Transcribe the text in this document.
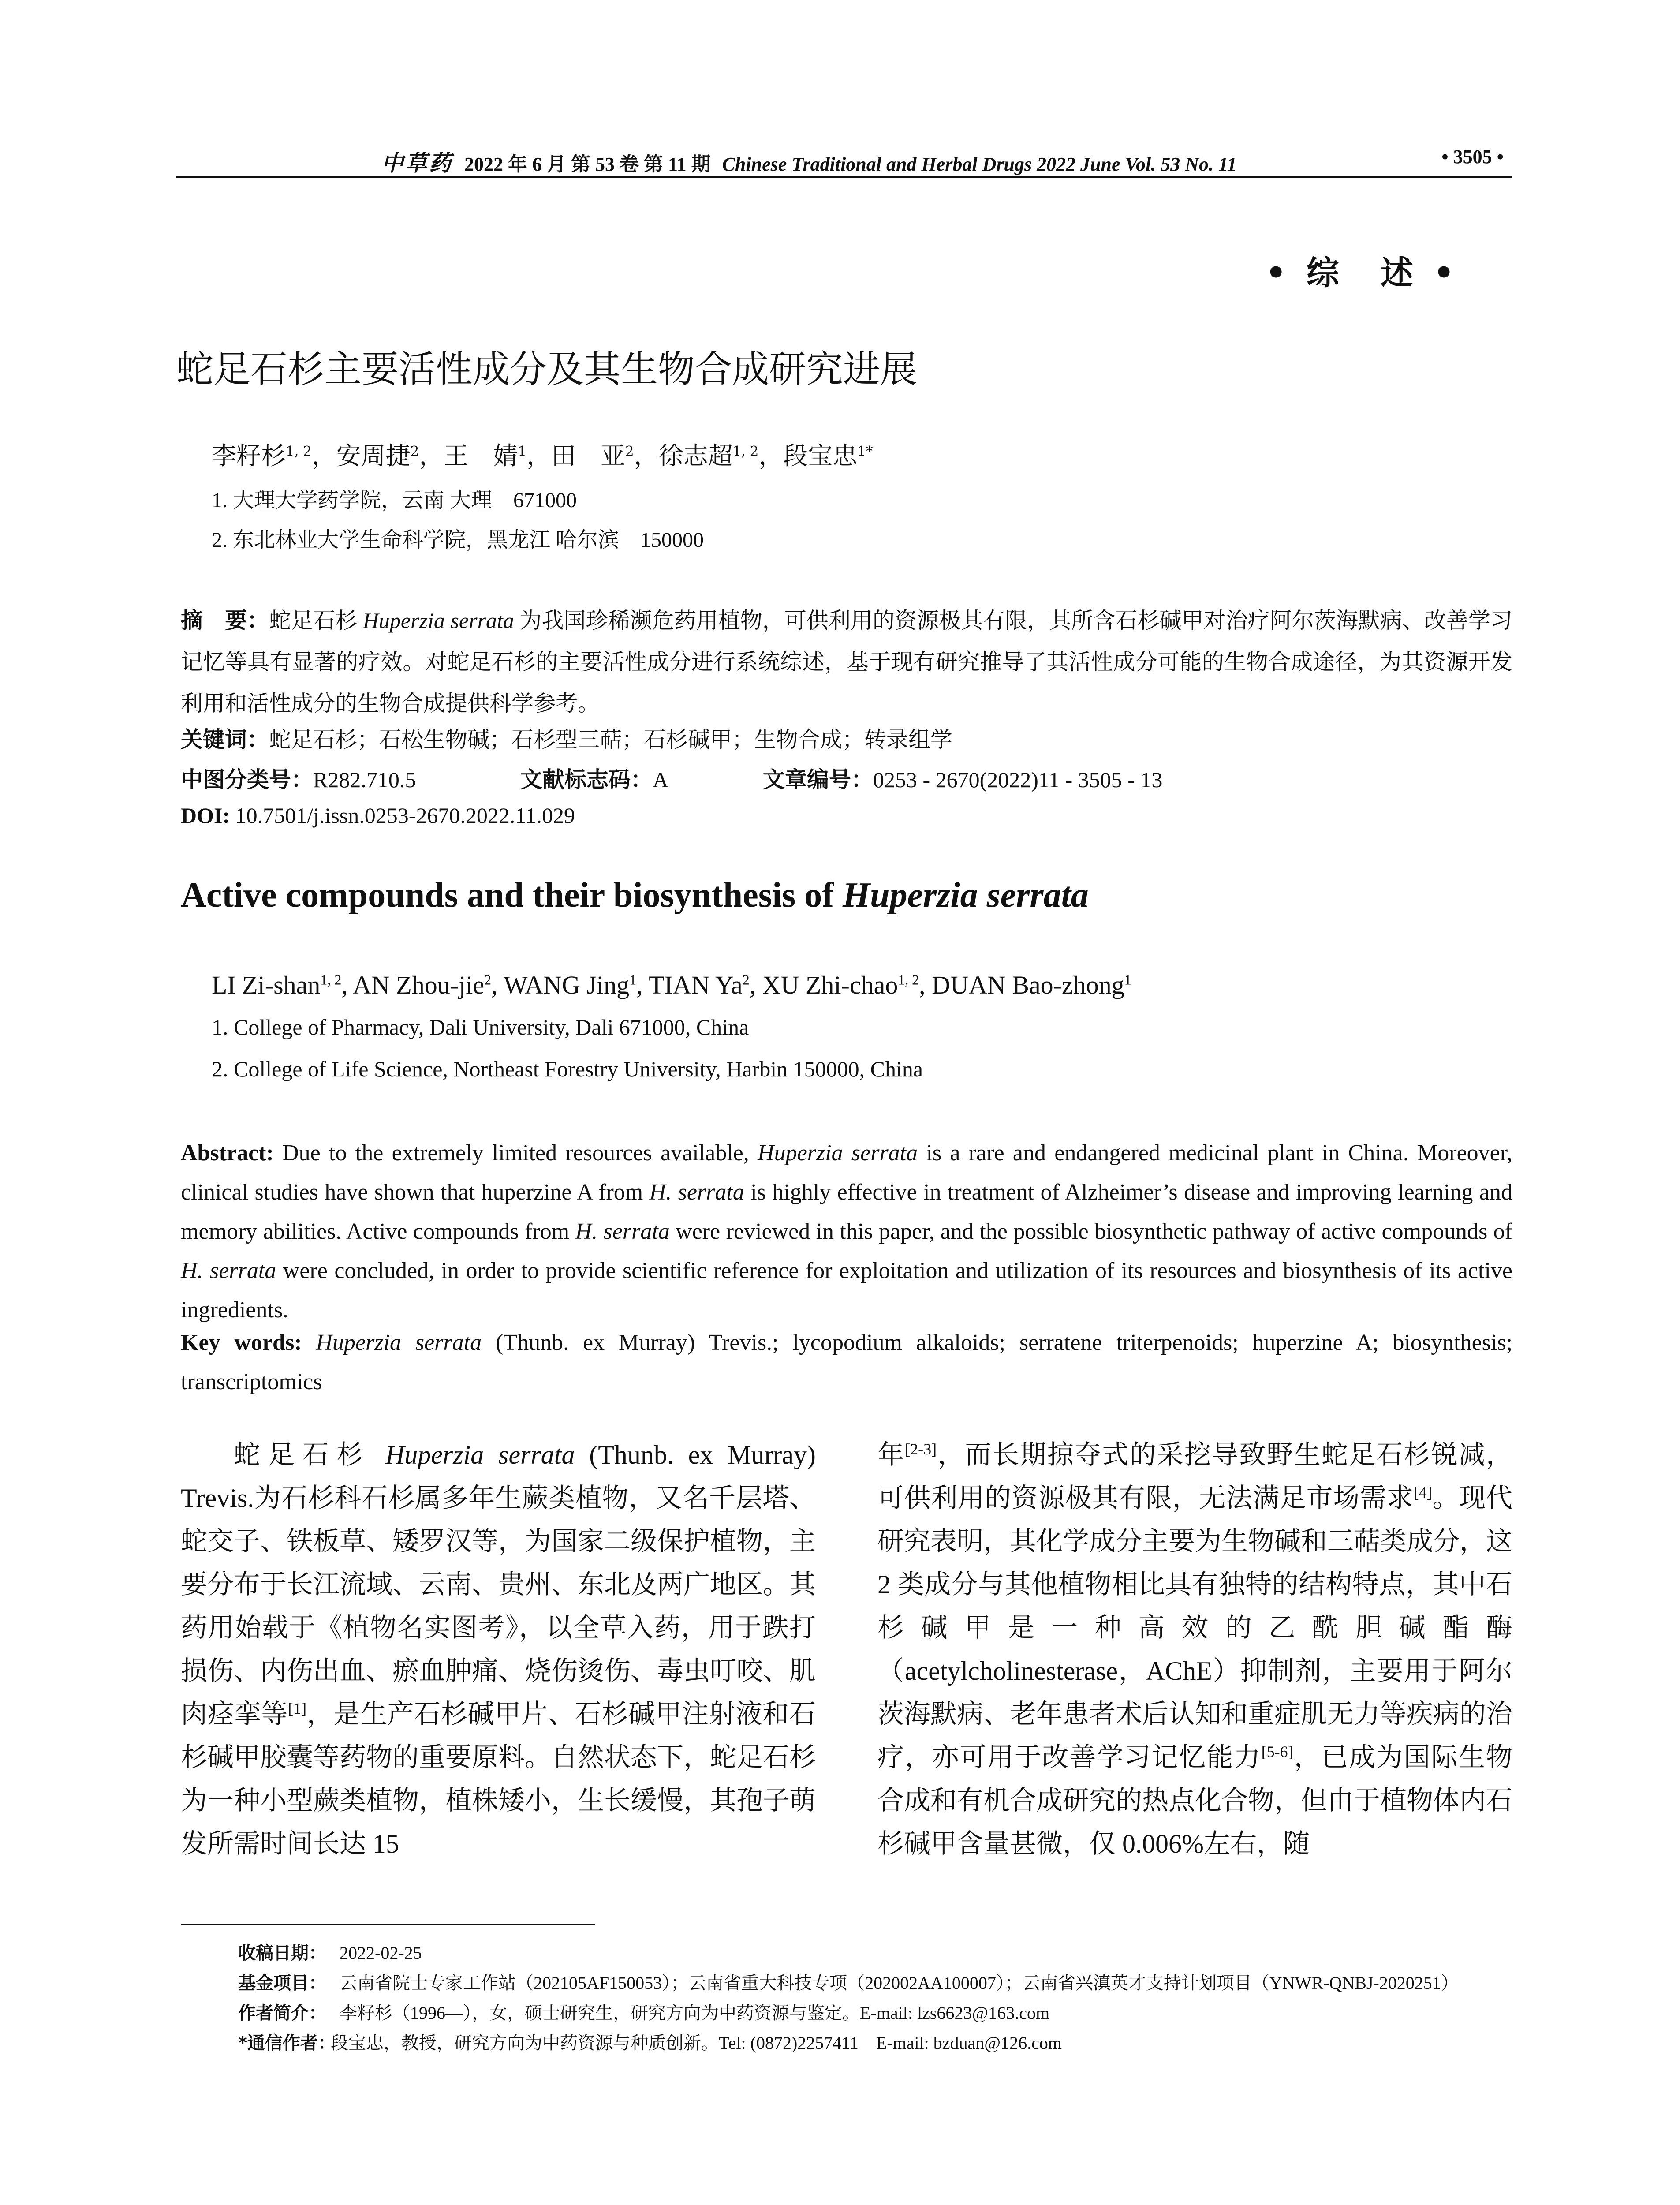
中草药 2022 年 6 月 第 53 卷 第 11 期 Chinese Traditional and Herbal Drugs 2022 June Vol. 53 No. 11	• 3505 •
• 综　述 •
蛇足石杉主要活性成分及其生物合成研究进展
李籽杉$^{1, 2}$，安周捷$^2$，王　婧$^1$，田　亚$^2$，徐志超$^{1, 2}$，段宝忠$^{1*}$
1. 大理大学药学院，云南 大理　671000
2. 东北林业大学生命科学院，黑龙江 哈尔滨　150000
摘　要：蛇足石杉 Huperzia serrata 为我国珍稀濒危药用植物，可供利用的资源极其有限，其所含石杉碱甲对治疗阿尔茨海默病、改善学习记忆等具有显著的疗效。对蛇足石杉的主要活性成分进行系统综述，基于现有研究推导了其活性成分可能的生物合成途径，为其资源开发利用和活性成分的生物合成提供科学参考。
关键词：蛇足石杉；石松生物碱；石杉型三萜；石杉碱甲；生物合成；转录组学
中图分类号：R282.710.5	文献标志码：A	文章编号：0253 - 2670(2022)11 - 3505 - 13
DOI: 10.7501/j.issn.0253-2670.2022.11.029
Active compounds and their biosynthesis of Huperzia serrata
LI Zi-shan$^{1, 2}$, AN Zhou-jie$^2$, WANG Jing$^1$, TIAN Ya$^2$, XU Zhi-chao$^{1, 2}$, DUAN Bao-zhong$^1$
1. College of Pharmacy, Dali University, Dali 671000, China
2. College of Life Science, Northeast Forestry University, Harbin 150000, China
Abstract: Due to the extremely limited resources available, Huperzia serrata is a rare and endangered medicinal plant in China. Moreover, clinical studies have shown that huperzine A from H. serrata is highly effective in treatment of Alzheimer’s disease and improving learning and memory abilities. Active compounds from H. serrata were reviewed in this paper, and the possible biosynthetic pathway of active compounds of H. serrata were concluded, in order to provide scientific reference for exploitation and utilization of its resources and biosynthesis of its active ingredients.
Key words: Huperzia serrata (Thunb. ex Murray) Trevis.; lycopodium alkaloids; serratene triterpenoids; huperzine A; biosynthesis; transcriptomics
蛇足石杉 Huperzia serrata (Thunb. ex Murray) Trevis.为石杉科石杉属多年生蕨类植物，又名千层塔、蛇交子、铁板草、矮罗汉等，为国家二级保护植物，主要分布于长江流域、云南、贵州、东北及两广地区。其药用始载于《植物名实图考》，以全草入药，用于跌打损伤、内伤出血、瘀血肿痛、烧伤烫伤、毒虫叮咬、肌肉痉挛等[1]，是生产石杉碱甲片、石杉碱甲注射液和石杉碱甲胶囊等药物的重要原料。自然状态下，蛇足石杉为一种小型蕨类植物，植株矮小，生长缓慢，其孢子萌发所需时间长达 15
年[2-3]，而长期掠夺式的采挖导致野生蛇足石杉锐减，可供利用的资源极其有限，无法满足市场需求[4]。现代研究表明，其化学成分主要为生物碱和三萜类成分，这 2 类成分与其他植物相比具有独特的结构特点，其中石杉碱甲是一种高效的乙酰胆碱酯酶（acetylcholinesterase，AChE）抑制剂，主要用于阿尔茨海默病、老年患者术后认知和重症肌无力等疾病的治疗，亦可用于改善学习记忆能力[5-6]，已成为国际生物合成和有机合成研究的热点化合物，但由于植物体内石杉碱甲含量甚微，仅 0.006%左右，随
收稿日期： 2022-02-25
基金项目： 云南省院士专家工作站（202105AF150053）；云南省重大科技专项（202002AA100007）；云南省兴滇英才支持计划项目（YNWR-QNBJ-2020251）
作者简介： 李籽杉（1996—），女，硕士研究生，研究方向为中药资源与鉴定。E-mail: lzs6623@163.com
*通信作者：
段宝忠，教授，研究方向为中药资源与种质创新。Tel: (0872)2257411　E-mail: bzduan@126.com
